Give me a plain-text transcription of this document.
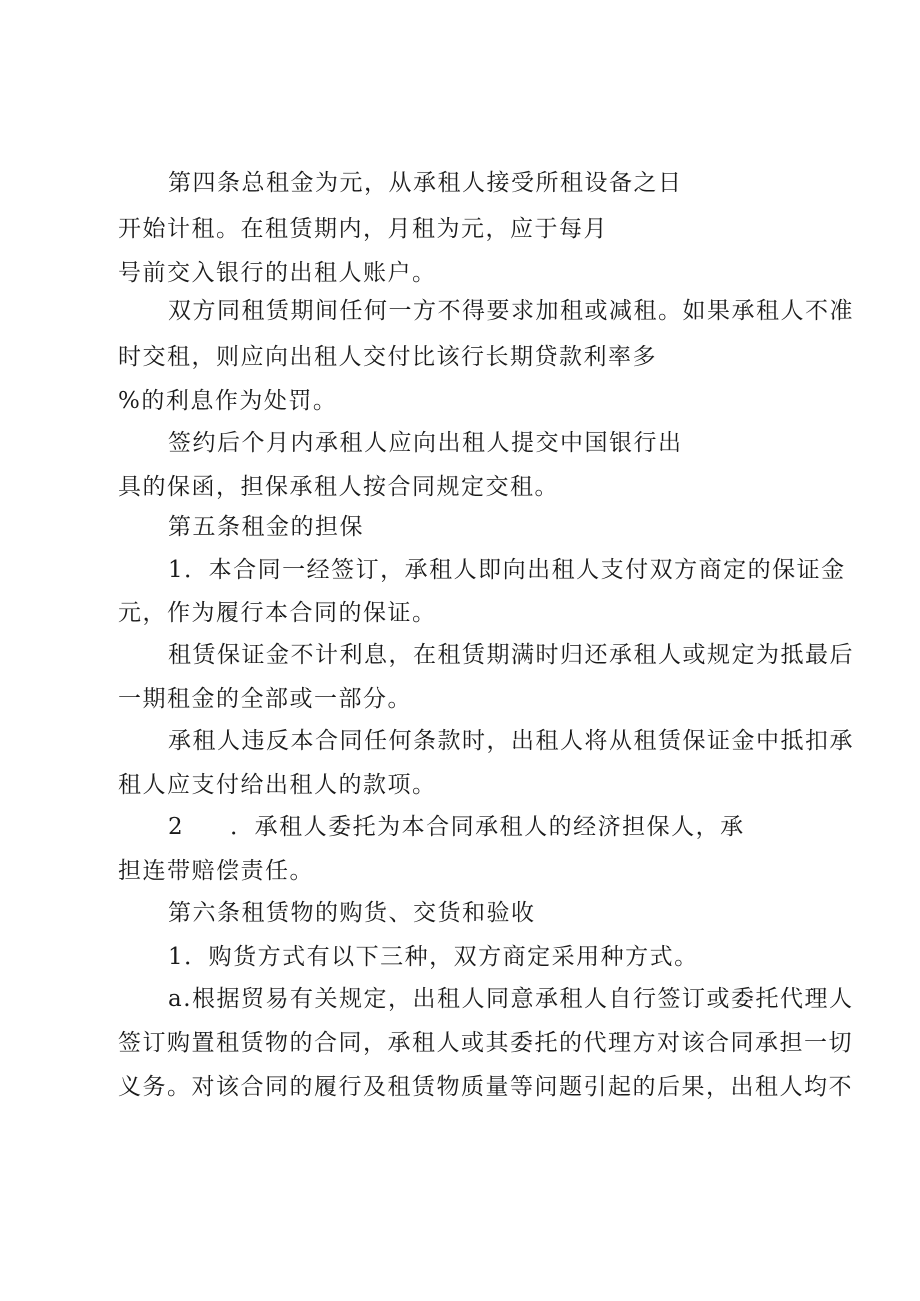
第四条总租金为元，从承租人接受所租设备之日
开始计租。在租赁期内，月租为元，应于每月
号前交入银行的出租人账户。
双方同租赁期间任何一方不得要求加租或减租。如果承租人不准
时交租，则应向出租人交付比该行长期贷款利率多
%的利息作为处罚。
签约后个月内承租人应向出租人提交中国银行出
具的保函，担保承租人按合同规定交租。
第五条租金的担保
1．本合同一经签订，承租人即向出租人支付双方商定的保证金
元，作为履行本合同的保证。
租赁保证金不计利息，在租赁期满时归还承租人或规定为抵最后
一期租金的全部或一部分。
承租人违反本合同任何条款时，出租人将从租赁保证金中抵扣承
租人应支付给出租人的款项。
2 ．承租人委托为本合同承租人的经济担保人，承
担连带赔偿责任。
第六条租赁物的购货、交货和验收
1．购货方式有以下三种，双方商定采用种方式。
a.根据贸易有关规定，出租人同意承租人自行签订或委托代理人
签订购置租赁物的合同，承租人或其委托的代理方对该合同承担一切
义务。对该合同的履行及租赁物质量等问题引起的后果，出租人均不
